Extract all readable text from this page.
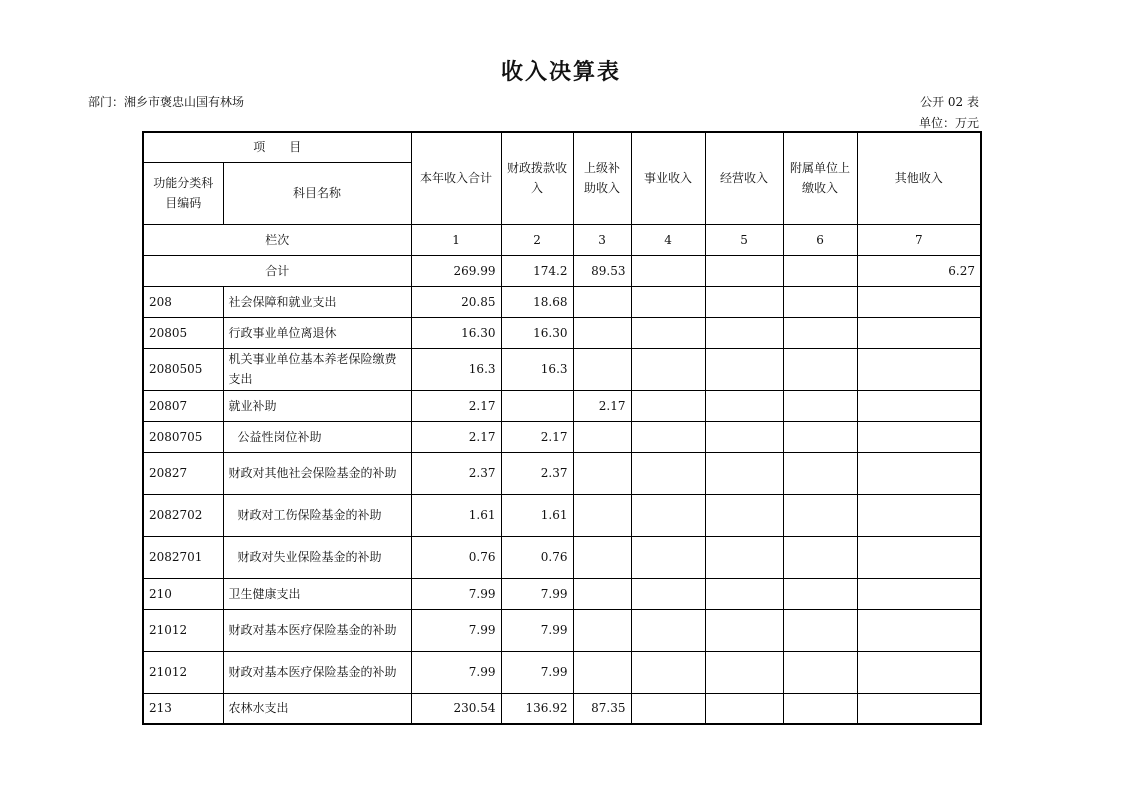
收入决算表
部门：湘乡市褒忠山国有林场	公开 02 表
单位：万元
项　　目		本年收入合计	财政拨款收入	上级补助收入	事业收入	经营收入	附属单位上缴收入	其他收入
功能分类科目编码	科目名称							
栏次		1	2	3	4	5	6	7
合计		269.99	174.2	89.53				6.27
208	社会保障和就业支出	20.85	18.68					
20805	行政事业单位离退休	16.30	16.30					
2080505	机关事业单位基本养老保险缴费支出	16.3	16.3					
20807	就业补助	2.17		2.17				
2080705	公益性岗位补助	2.17	2.17					
20827	财政对其他社会保险基金的补助	2.37	2.37					
2082702	财政对工伤保险基金的补助	1.61	1.61					
2082701	财政对失业保险基金的补助	0.76	0.76					
210	卫生健康支出	7.99	7.99					
21012	财政对基本医疗保险基金的补助	7.99	7.99					
21012	财政对基本医疗保险基金的补助	7.99	7.99					
213	农林水支出	230.54	136.92	87.35				
